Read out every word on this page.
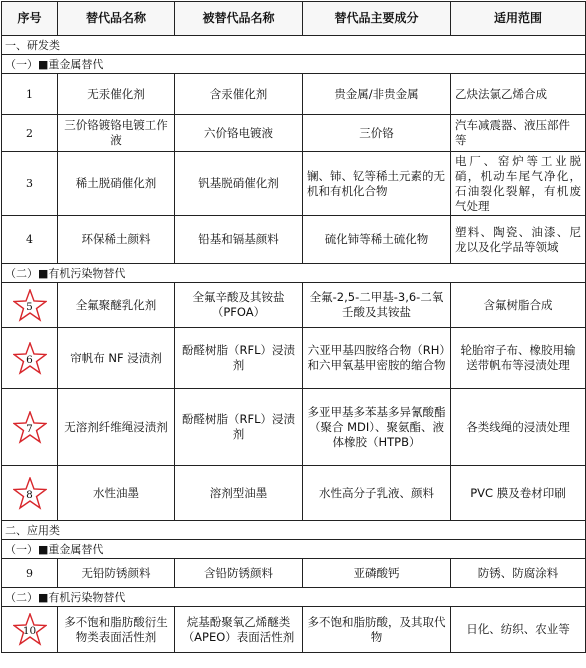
序号	替代品名称	被替代品名称	替代品主要成分	适用范围
一、研发类				
（一）■重金属替代				
1	无汞催化剂	含汞催化剂	贵金属/非贵金属	乙炔法氯乙烯合成
2	三价铬镀铬电镀工作液	六价铬电镀液	三价铬	汽车减震器、液压部件等
3	稀土脱硝催化剂	钒基脱硝催化剂	镧、铈、钇等稀土元素的无机和有机化合物	电厂、窑炉等工业脱硝，机动车尾气净化，石油裂化裂解，有机废气处理
4	环保稀土颜料	铅基和镉基颜料	硫化铈等稀土硫化物	塑料、陶瓷、油漆、尼龙以及化学品等领域
（二）■有机污染物替代				

5	全氟聚醚乳化剂	全氟辛酸及其铵盐（PFOA）	全氟-2,5-二甲基-3,6-二氧壬酸及其铵盐	含氟树脂合成

6	帘帆布 NF 浸渍剂	酚醛树脂（RFL）浸渍剂	六亚甲基四胺络合物（RH）和六甲氧基甲密胺的缩合物	轮胎帘子布、橡胶用输送带帆布等浸渍处理

7	无溶剂纤维绳浸渍剂	酚醛树脂（RFL）浸渍剂	多亚甲基多苯基多异氰酸酯（聚合 MDI）、聚氨酯、液体橡胶（HTPB）	各类线绳的浸渍处理

8	水性油墨	溶剂型油墨	水性高分子乳液、颜料	PVC 膜及卷材印刷
二、应用类				
（一）■重金属替代				
9	无铅防锈颜料	含铅防锈颜料	亚磷酸钙	防锈、防腐涂料
（二）■有机污染物替代				

10	多不饱和脂肪酸衍生物类表面活性剂	烷基酚聚氧乙烯醚类（APEO）表面活性剂	多不饱和脂肪酸，及其取代物	日化、纺织、农业等
